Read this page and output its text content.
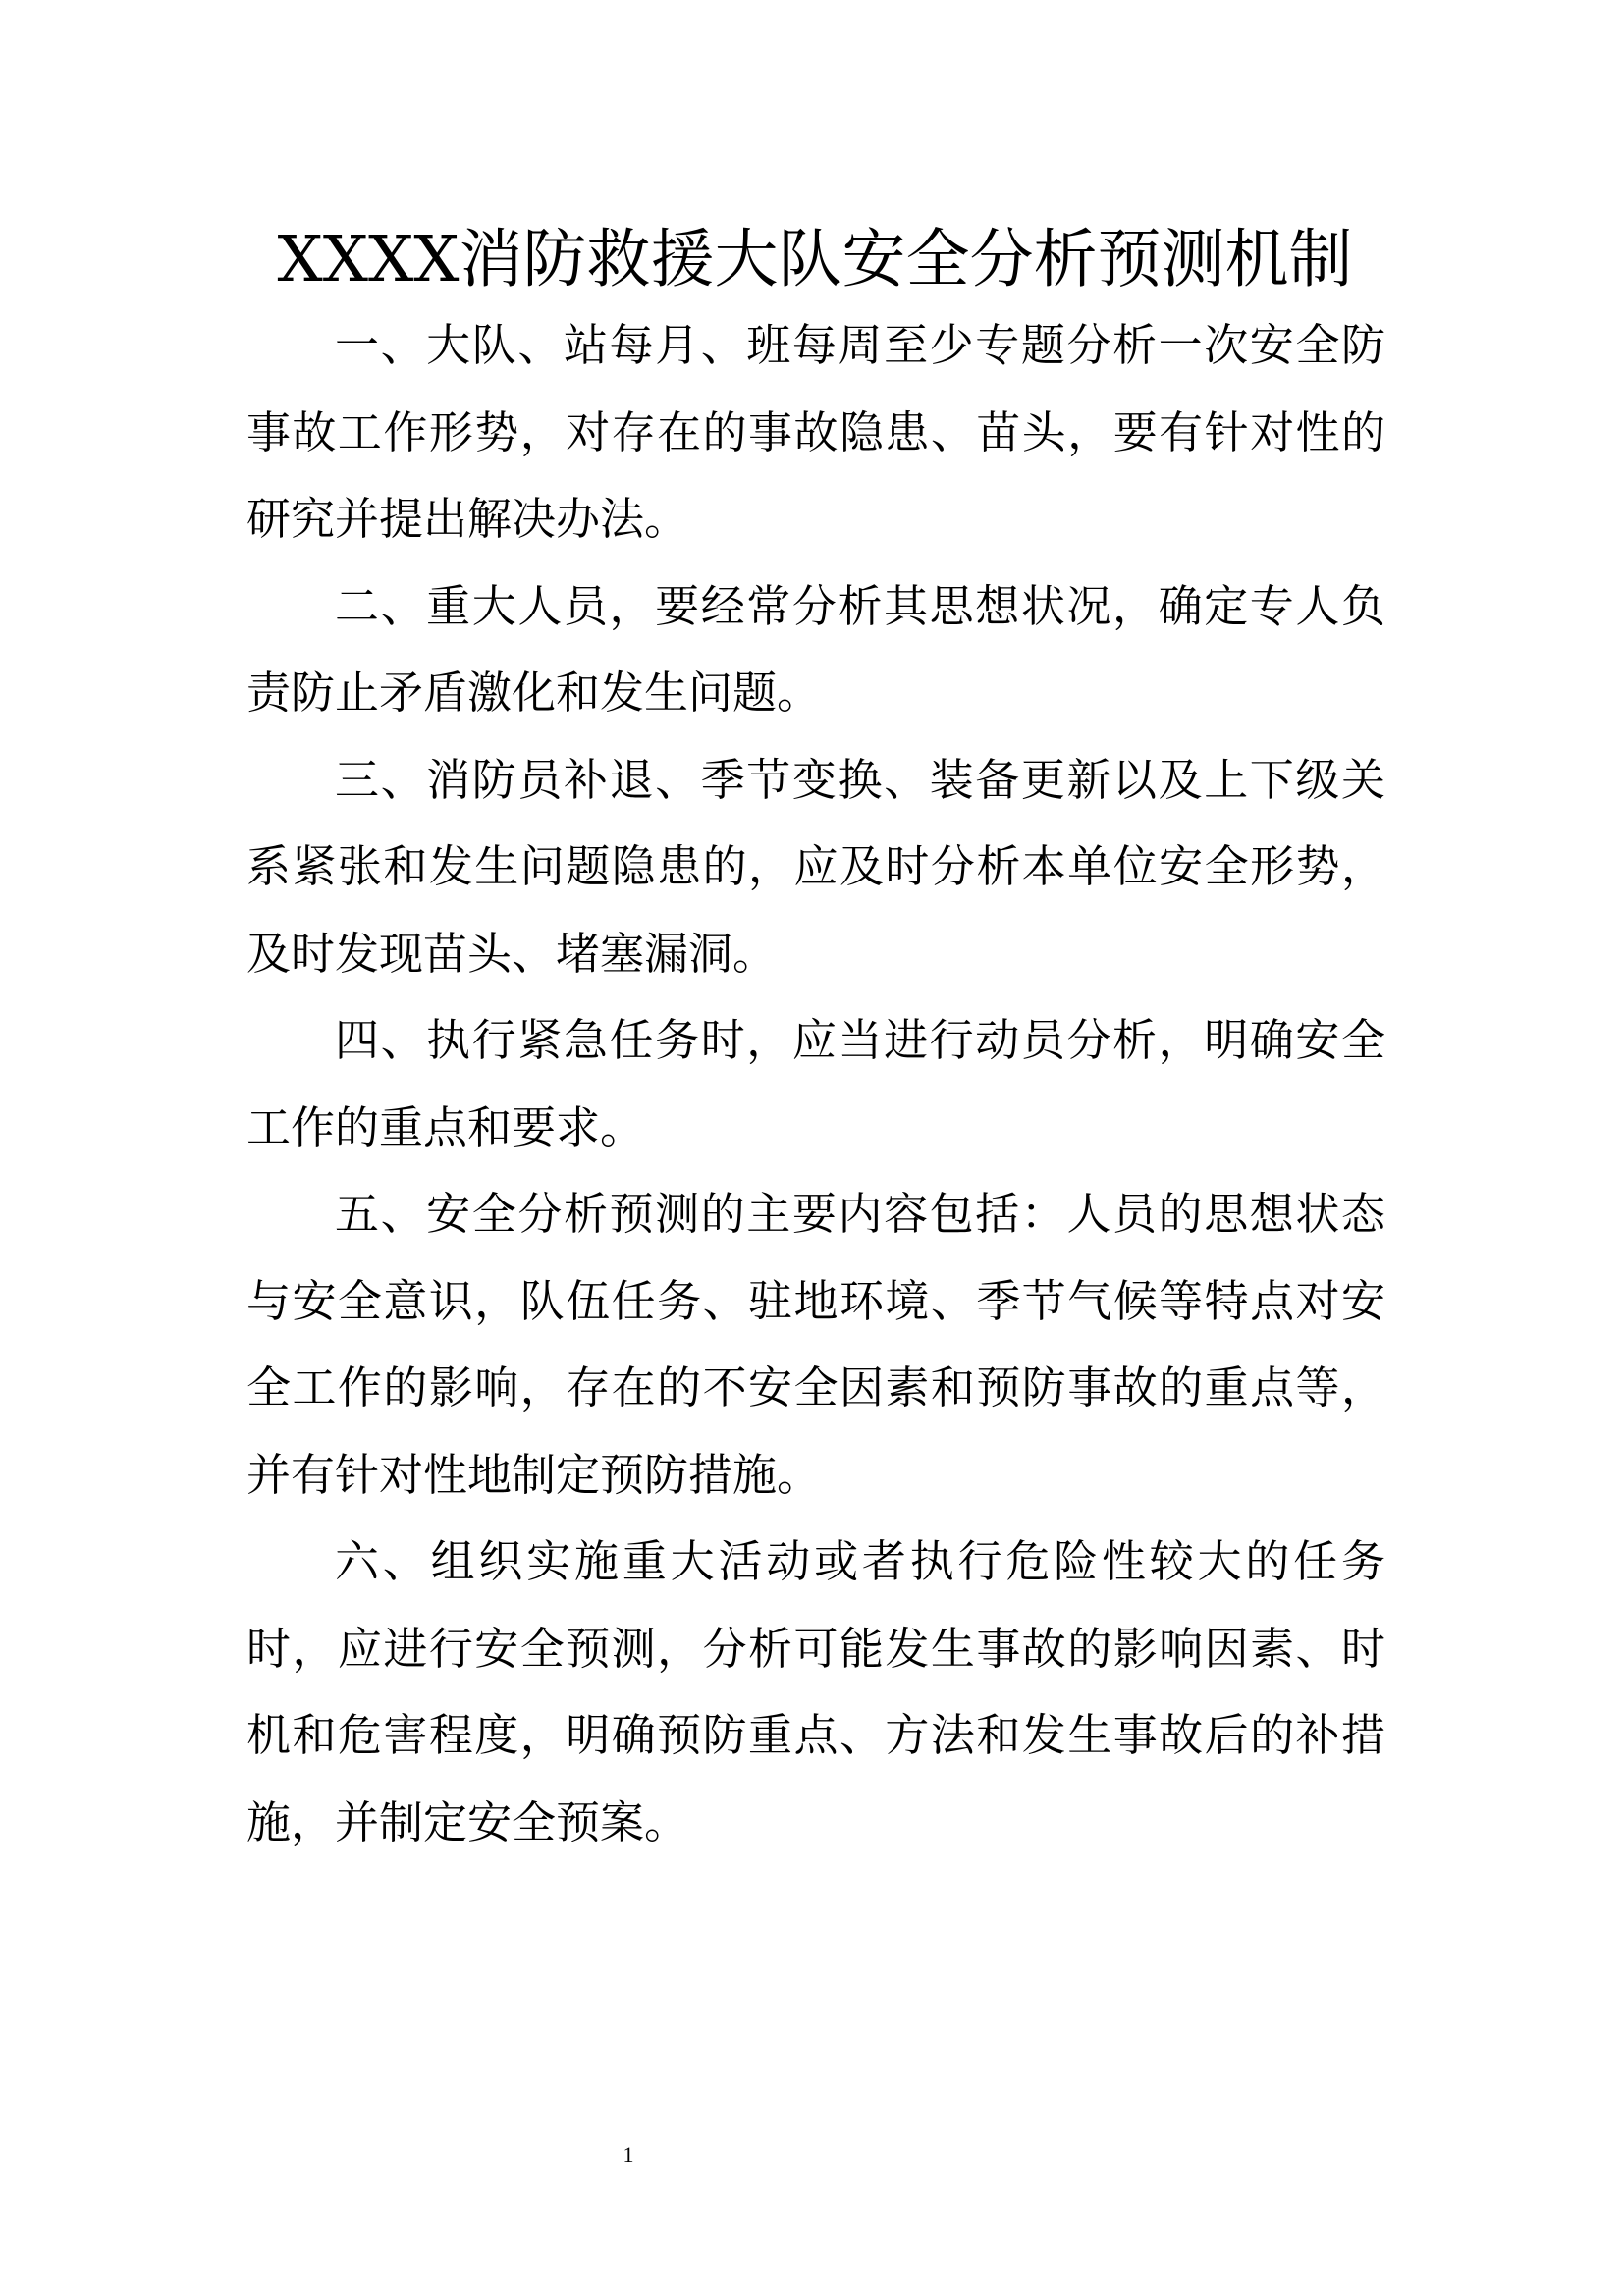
XXXX消防救援大队安全分析预测机制

一、大队、站每月、班每周至少专题分析一次安全防事故工作形势，对存在的事故隐患、苗头，要有针对性的研究并提出解决办法。

二、重大人员，要经常分析其思想状况，确定专人负责防止矛盾激化和发生问题。

三、消防员补退、季节变换、装备更新以及上下级关系紧张和发生问题隐患的，应及时分析本单位安全形势，及时发现苗头、堵塞漏洞。

四、执行紧急任务时，应当进行动员分析，明确安全工作的重点和要求。

五、安全分析预测的主要内容包括：人员的思想状态与安全意识，队伍任务、驻地环境、季节气候等特点对安全工作的影响，存在的不安全因素和预防事故的重点等，并有针对性地制定预防措施。

六、组织实施重大活动或者执行危险性较大的任务时，应进行安全预测，分析可能发生事故的影响因素、时机和危害程度，明确预防重点、方法和发生事故后的补措施，并制定安全预案。

1
